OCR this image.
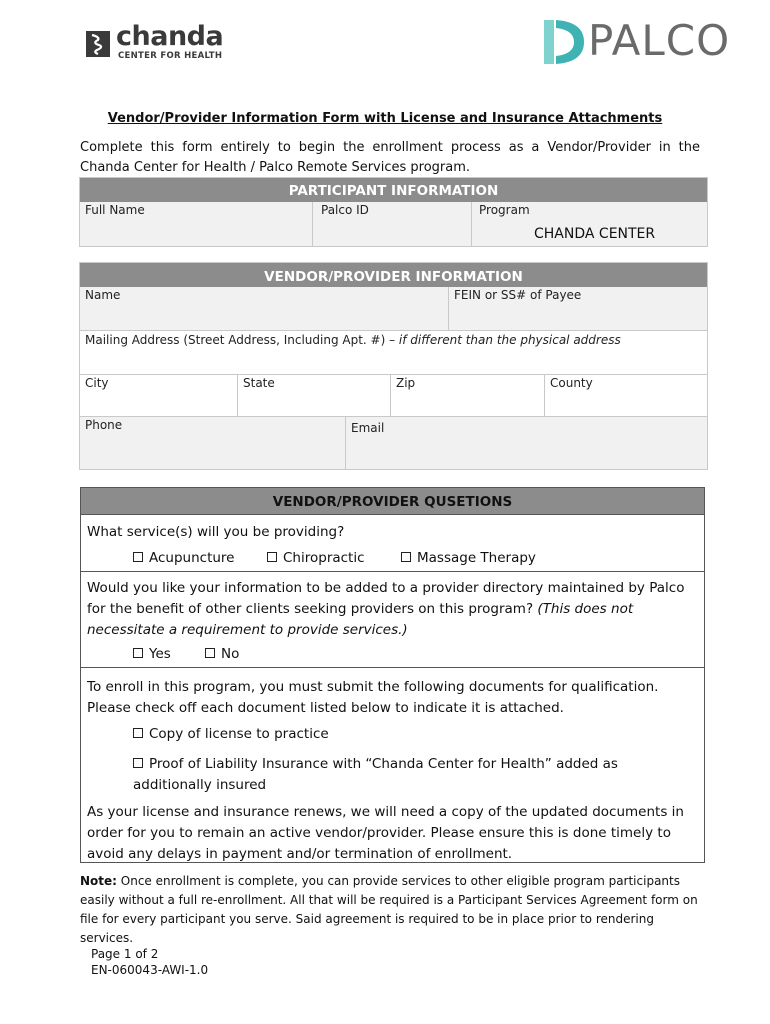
chanda
CENTER FOR HEALTH	PALCO
Vendor/Provider Information Form with License and Insurance Attachments
Complete this form entirely to begin the enrollment process as a Vendor/Provider in the Chanda Center for Health / Palco Remote Services program.
PARTICIPANT INFORMATION
Full Name	Palco ID	Program
CHANDA CENTER
VENDOR/PROVIDER INFORMATION
Name	FEIN or SS# of Payee
Mailing Address (Street Address, Including Apt. #) – if different than the physical address
City	State	Zip	County
Phone	Email
VENDOR/PROVIDER QUSETIONS
What service(s) will you be providing?
Acupuncture	Chiropractic	Massage Therapy
Would you like your information to be added to a provider directory maintained by Palco for the benefit of other clients seeking providers on this program? (This does not necessitate a requirement to provide services.)
Yes	No
To enroll in this program, you must submit the following documents for qualification. Please check off each document listed below to indicate it is attached.
Copy of license to practice
Proof of Liability Insurance with “Chanda Center for Health” added as additionally insured
As your license and insurance renews, we will need a copy of the updated documents in order for you to remain an active vendor/provider. Please ensure this is done timely to avoid any delays in payment and/or termination of enrollment.
Note: Once enrollment is complete, you can provide services to other eligible program participants easily without a full re-enrollment. All that will be required is a Participant Services Agreement form on file for every participant you serve. Said agreement is required to be in place prior to rendering services.
Page 1 of 2
EN-060043-AWI-1.0
